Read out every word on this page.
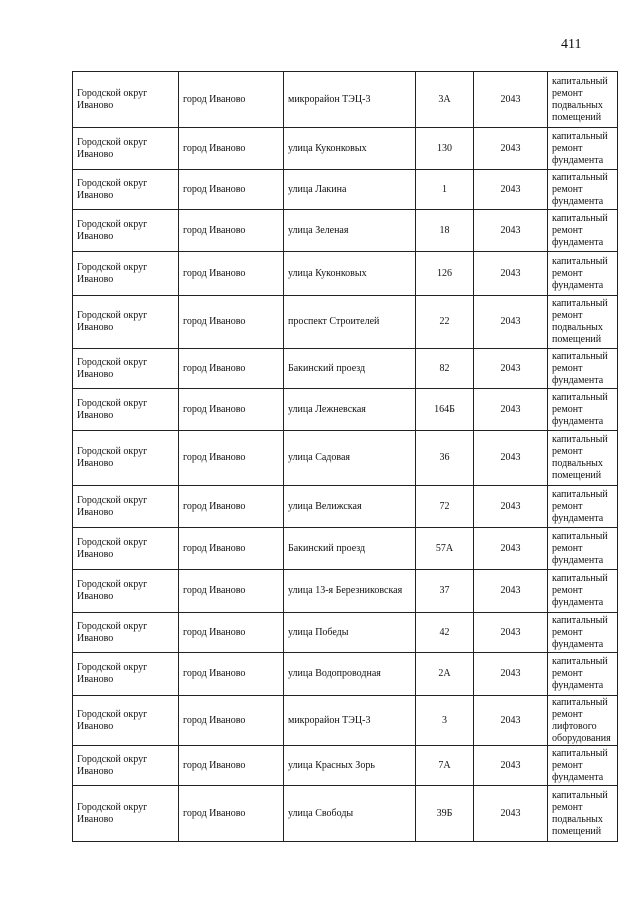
411
Городской округ Иваново	город Иваново	микрорайон ТЭЦ-3	3А	2043	капитальный ремонт подвальных помещений
Городской округ Иваново	город Иваново	улица Куконковых	130	2043	капитальный ремонт фундамента
Городской округ Иваново	город Иваново	улица Лакина	1	2043	капитальный ремонт фундамента
Городской округ Иваново	город Иваново	улица Зеленая	18	2043	капитальный ремонт фундамента
Городской округ Иваново	город Иваново	улица Куконковых	126	2043	капитальный ремонт фундамента
Городской округ Иваново	город Иваново	проспект Строителей	22	2043	капитальный ремонт подвальных помещений
Городской округ Иваново	город Иваново	Бакинский проезд	82	2043	капитальный ремонт фундамента
Городской округ Иваново	город Иваново	улица Лежневская	164Б	2043	капитальный ремонт фундамента
Городской округ Иваново	город Иваново	улица Садовая	36	2043	капитальный ремонт подвальных помещений
Городской округ Иваново	город Иваново	улица Велижская	72	2043	капитальный ремонт фундамента
Городской округ Иваново	город Иваново	Бакинский проезд	57А	2043	капитальный ремонт фундамента
Городской округ Иваново	город Иваново	улица 13-я Березниковская	37	2043	капитальный ремонт фундамента
Городской округ Иваново	город Иваново	улица Победы	42	2043	капитальный ремонт фундамента
Городской округ Иваново	город Иваново	улица Водопроводная	2А	2043	капитальный ремонт фундамента
Городской округ Иваново	город Иваново	микрорайон ТЭЦ-3	3	2043	капитальный ремонт лифтового оборудования
Городской округ Иваново	город Иваново	улица Красных Зорь	7А	2043	капитальный ремонт фундамента
Городской округ Иваново	город Иваново	улица Свободы	39Б	2043	капитальный ремонт подвальных помещений
